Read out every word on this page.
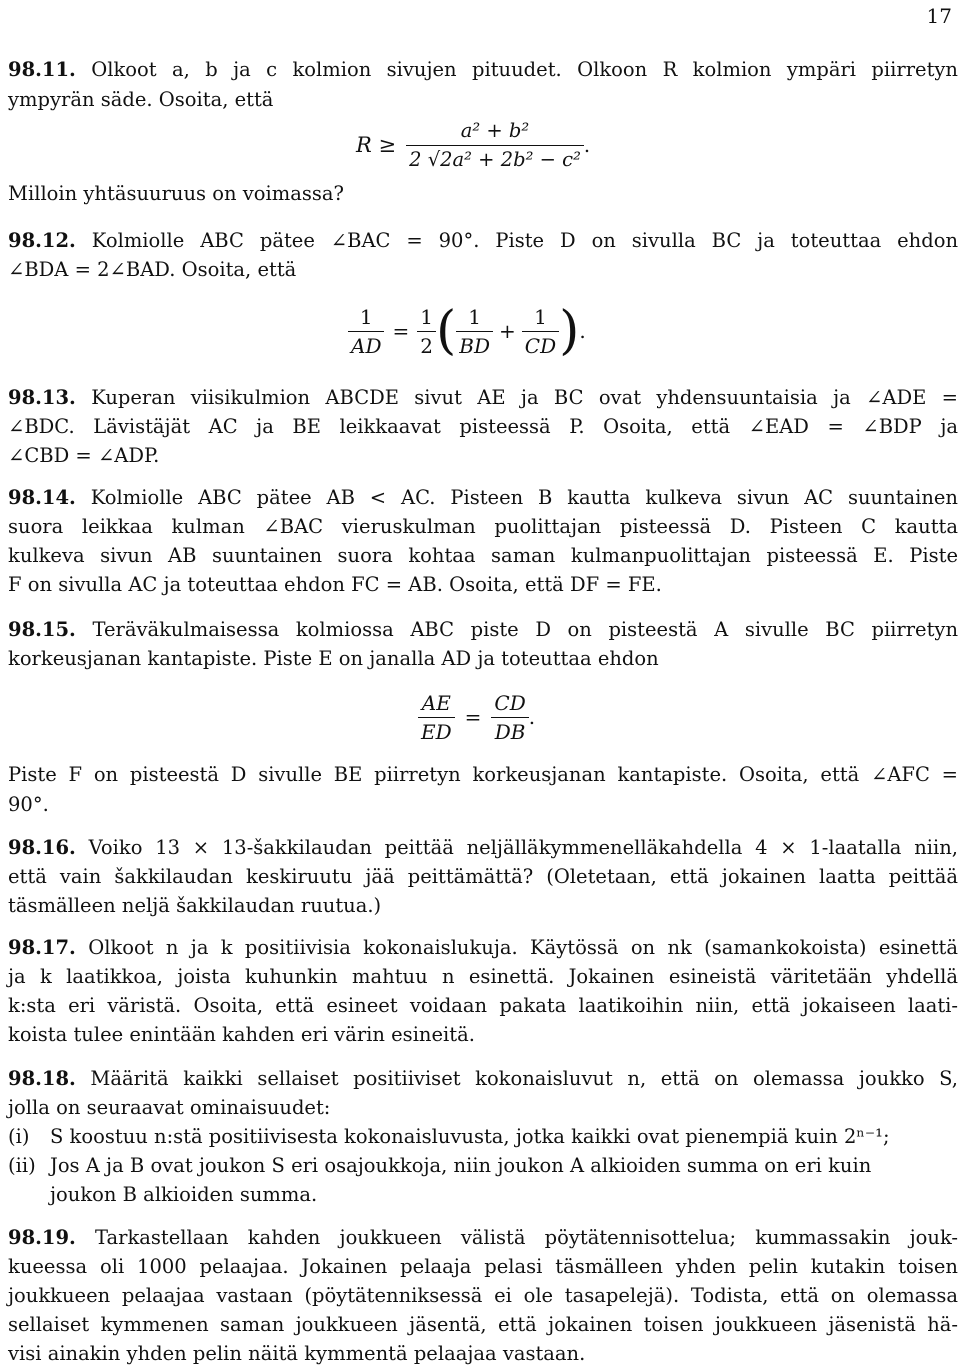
17
98.11. Olkoot a, b ja c kolmion sivujen pituudet. Olkoon R kolmion ympäri piirretyn
ympyrän säde. Osoita, että
$R \ge \frac{\text{a² + b²}}{\text{2 √2a² + 2b² − c²}}$ .
Milloin yhtäsuuruus on voimassa?
98.12. Kolmiolle ABC pätee ∠BAC = 90°. Piste D on sivulla BC ja toteuttaa ehdon
∠BDA = 2∠BAD. Osoita, että
$\frac{1}{AD} = \frac{1}{2}$ ( $\frac{1}{BD} + \frac{1}{CD}$ ) .
98.13. Kuperan viisikulmion ABCDE sivut AE ja BC ovat yhdensuuntaisia ja ∠ADE =
∠BDC. Lävistäjät AC ja BE leikkaavat pisteessä P. Osoita, että ∠EAD = ∠BDP ja
∠CBD = ∠ADP.
98.14. Kolmiolle ABC pätee AB < AC. Pisteen B kautta kulkeva sivun AC suuntainen
suora leikkaa kulman ∠BAC vieruskulman puolittajan pisteessä D. Pisteen C kautta
kulkeva sivun AB suuntainen suora kohtaa saman kulmanpuolittajan pisteessä E. Piste
F on sivulla AC ja toteuttaa ehdon FC = AB. Osoita, että DF = FE.
98.15. Teräväkulmaisessa kolmiossa ABC piste D on pisteestä A sivulle BC piirretyn
korkeusjanan kantapiste. Piste E on janalla AD ja toteuttaa ehdon
$\frac{AE}{ED} = \frac{CD}{DB}$ .
Piste F on pisteestä D sivulle BE piirretyn korkeusjanan kantapiste. Osoita, että ∠AFC =
90°.
98.16. Voiko 13 × 13-šakkilaudan peittää neljälläkymmenelläkahdella 4 × 1-laatalla niin,
että vain šakkilaudan keskiruutu jää peittämättä? (Oletetaan, että jokainen laatta peittää
täsmälleen neljä šakkilaudan ruutua.)
98.17. Olkoot n ja k positiivisia kokonaislukuja. Käytössä on nk (samankokoista) esinettä
ja k laatikkoa, joista kuhunkin mahtuu n esinettä. Jokainen esineistä väritetään yhdellä
k:sta eri väristä. Osoita, että esineet voidaan pakata laatikoihin niin, että jokaiseen laati-
koista tulee enintään kahden eri värin esineitä.
98.18. Määritä kaikki sellaiset positiiviset kokonaisluvut n, että on olemassa joukko S,
jolla on seuraavat ominaisuudet:
(i) S koostuu n:stä positiivisesta kokonaisluvusta, jotka kaikki ovat pienempiä kuin 2ⁿ⁻¹;
(ii) Jos A ja B ovat joukon S eri osajoukkoja, niin joukon A alkioiden summa on eri kuin
joukon B alkioiden summa.
98.19. Tarkastellaan kahden joukkueen välistä pöytätennisottelua; kummassakin jouk-
kueessa oli 1000 pelaajaa. Jokainen pelaaja pelasi täsmälleen yhden pelin kutakin toisen
joukkueen pelaajaa vastaan (pöytätenniksessä ei ole tasapelejä). Todista, että on olemassa
sellaiset kymmenen saman joukkueen jäsentä, että jokainen toisen joukkueen jäsenistä hä-
visi ainakin yhden pelin näitä kymmentä pelaajaa vastaan.
